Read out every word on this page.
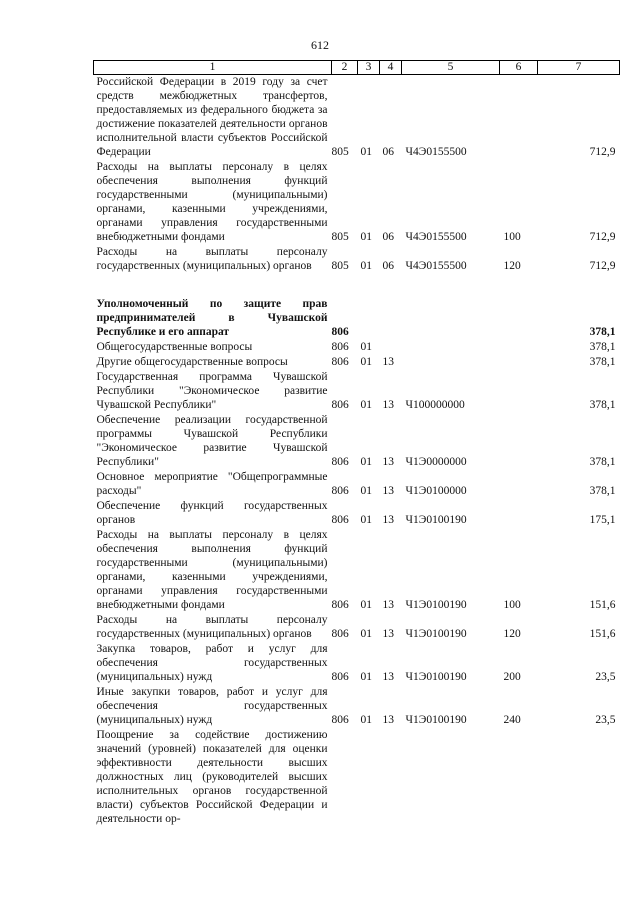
612
1	2	3	4	5	6	7
Российской Федерации в 2019 году за счет средств межбюджетных трансфертов, предоставляемых из федерального бюджета за достижение показателей деятельности органов исполнительной власти субъектов Российской Федерации	805	01	06	Ч4Э0155500		712,9
Расходы на выплаты персоналу в целях обеспечения выполнения функций государственными (муниципальными) органами, казенными учреждениями, органами управления государственными внебюджетными фондами	805	01	06	Ч4Э0155500	100	712,9
Расходы на выплаты персоналу государственных (муниципальных) органов	805	01	06	Ч4Э0155500	120	712,9

Уполномоченный по защите прав предпринимателей в Чувашской Республике и его аппарат	806					378,1
Общегосударственные вопросы	806	01				378,1
Другие общегосударственные вопросы	806	01	13			378,1
Государственная программа Чувашской Республики "Экономическое развитие Чувашской Республики"	806	01	13	Ч100000000		378,1
Обеспечение реализации государственной программы Чувашской Республики "Экономическое развитие Чувашской Республики"	806	01	13	Ч1Э0000000		378,1
Основное мероприятие "Общепрограммные расходы"	806	01	13	Ч1Э0100000		378,1
Обеспечение функций государственных органов	806	01	13	Ч1Э0100190		175,1
Расходы на выплаты персоналу в целях обеспечения выполнения функций государственными (муниципальными) органами, казенными учреждениями, органами управления государственными внебюджетными фондами	806	01	13	Ч1Э0100190	100	151,6
Расходы на выплаты персоналу государственных (муниципальных) органов	806	01	13	Ч1Э0100190	120	151,6
Закупка товаров, работ и услуг для обеспечения государственных (муниципальных) нужд	806	01	13	Ч1Э0100190	200	23,5
Иные закупки товаров, работ и услуг для обеспечения государственных (муниципальных) нужд	806	01	13	Ч1Э0100190	240	23,5
Поощрение за содействие достижению значений (уровней) показателей для оценки эффективности деятельности высших должностных лиц (руководителей высших исполнительных органов государственной власти) субъектов Российской Федерации и деятельности ор-						
